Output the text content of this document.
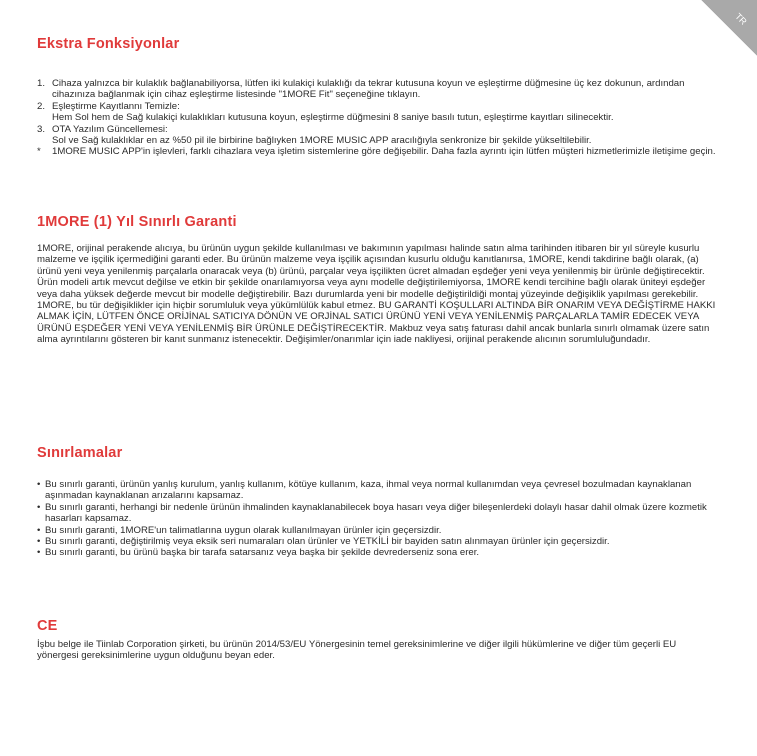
TR
Ekstra Fonksiyonlar
1. Cihaza yalnızca bir kulaklık bağlanabiliyorsa, lütfen iki kulakiçi kulaklığı da tekrar kutusuna koyun ve eşleştirme düğmesine üç kez dokunun, ardından cihazınıza bağlanmak için cihaz eşleştirme listesinde "1MORE Fit" seçeneğine tıklayın.
2. Eşleştirme Kayıtlannı Temizle:
Hem Sol hem de Sağ kulakiçi kulaklıkları kutusuna koyun, eşleştirme düğmesini 8 saniye basılı tutun, eşleştirme kayıtları silinecektir.
3. OTA Yazılım Güncellemesi:
Sol ve Sağ kulaklıklar en az %50 pil ile birbirine bağlıyken 1MORE MUSIC APP aracılığıyla senkronize bir şekilde yükseltilebilir.
* 1MORE MUSIC APP'in işlevleri, farklı cihazlara veya işletim sistemlerine göre değişebilir. Daha fazla ayrıntı için lütfen müşteri hizmetlerimizle iletişime geçin.
1MORE (1) Yıl Sınırlı Garanti
1MORE, orijinal perakende alıcıya, bu ürünün uygun şekilde kullanılması ve bakımının yapılması halinde satın alma tarihinden itibaren bir yıl süreyle kusurlu malzeme ve işçilik içermediğini garanti eder. Bu ürünün malzeme veya işçilik açısından kusurlu olduğu kanıtlanırsa, 1MORE, kendi takdirine bağlı olarak, (a) ürünü yeni veya yenilenmiş parçalarla onaracak veya (b) ürünü, parçalar veya işçilikten ücret almadan eşdeğer yeni veya yenilenmiş bir ürünle değiştirecektir. Ürün modeli artık mevcut değilse ve etkin bir şekilde onarılamıyorsa veya aynı modelle değiştirilemiyorsa, 1MORE kendi tercihine bağlı olarak üniteyi eşdeğer veya daha yüksek değerde mevcut bir modelle değiştirebilir. Bazı durumlarda yeni bir modelle değiştirildiği montaj yüzeyinde değişiklik yapılması gerekebilir. 1MORE, bu tür değişiklikler için hiçbir sorumluluk veya yükümlülük kabul etmez. BU GARANTİ KOŞULLARI ALTINDA BİR ONARIM VEYA DEĞİŞTİRME HAKKI ALMAK İÇİN, LÜTFEN ÖNCE ORİJİNAL SATICIYA DÖNÜN VE ORJİNAL SATICI ÜRÜNÜ YENİ VEYA YENİLENMİŞ PARÇALARLA TAMİR EDECEK VEYA ÜRÜNÜ EŞDEĞER YENİ VEYA YENİLENMİŞ BİR ÜRÜNLE DEĞİŞTİRECEKTİR. Makbuz veya satış faturası dahil ancak bunlarla sınırlı olmamak üzere satın alma ayrıntılarını gösteren bir kanıt sunmanız istenecektir. Değişimler/onarımlar için iade nakliyesi, orijinal perakende alıcının sorumluluğundadır.
Sınırlamalar
• Bu sınırlı garanti, ürünün yanlış kurulum, yanlış kullanım, kötüye kullanım, kaza, ihmal veya normal kullanımdan veya çevresel bozulmadan kaynaklanan aşınmadan kaynaklanan arızalarını kapsamaz.
• Bu sınırlı garanti, herhangi bir nedenle ürünün ihmalinden kaynaklanabilecek boya hasarı veya diğer bileşenlerdeki dolaylı hasar dahil olmak üzere kozmetik hasarları kapsamaz.
• Bu sınırlı garanti, 1MORE'un talimatlarına uygun olarak kullanılmayan ürünler için geçersizdir.
• Bu sınırlı garanti, değiştirilmiş veya eksik seri numaraları olan ürünler ve YETKİLİ bir bayiden satın alınmayan ürünler için geçersizdir.
• Bu sınırlı garanti, bu ürünü başka bir tarafa satarsanız veya başka bir şekilde devrederseniz sona erer.
CE
İşbu belge ile Tiinlab Corporation şirketi, bu ürünün 2014/53/EU Yönergesinin temel gereksinimlerine ve diğer ilgili hükümlerine ve diğer tüm geçerli EU yönergesi gereksinimlerine uygun olduğunu beyan eder.
